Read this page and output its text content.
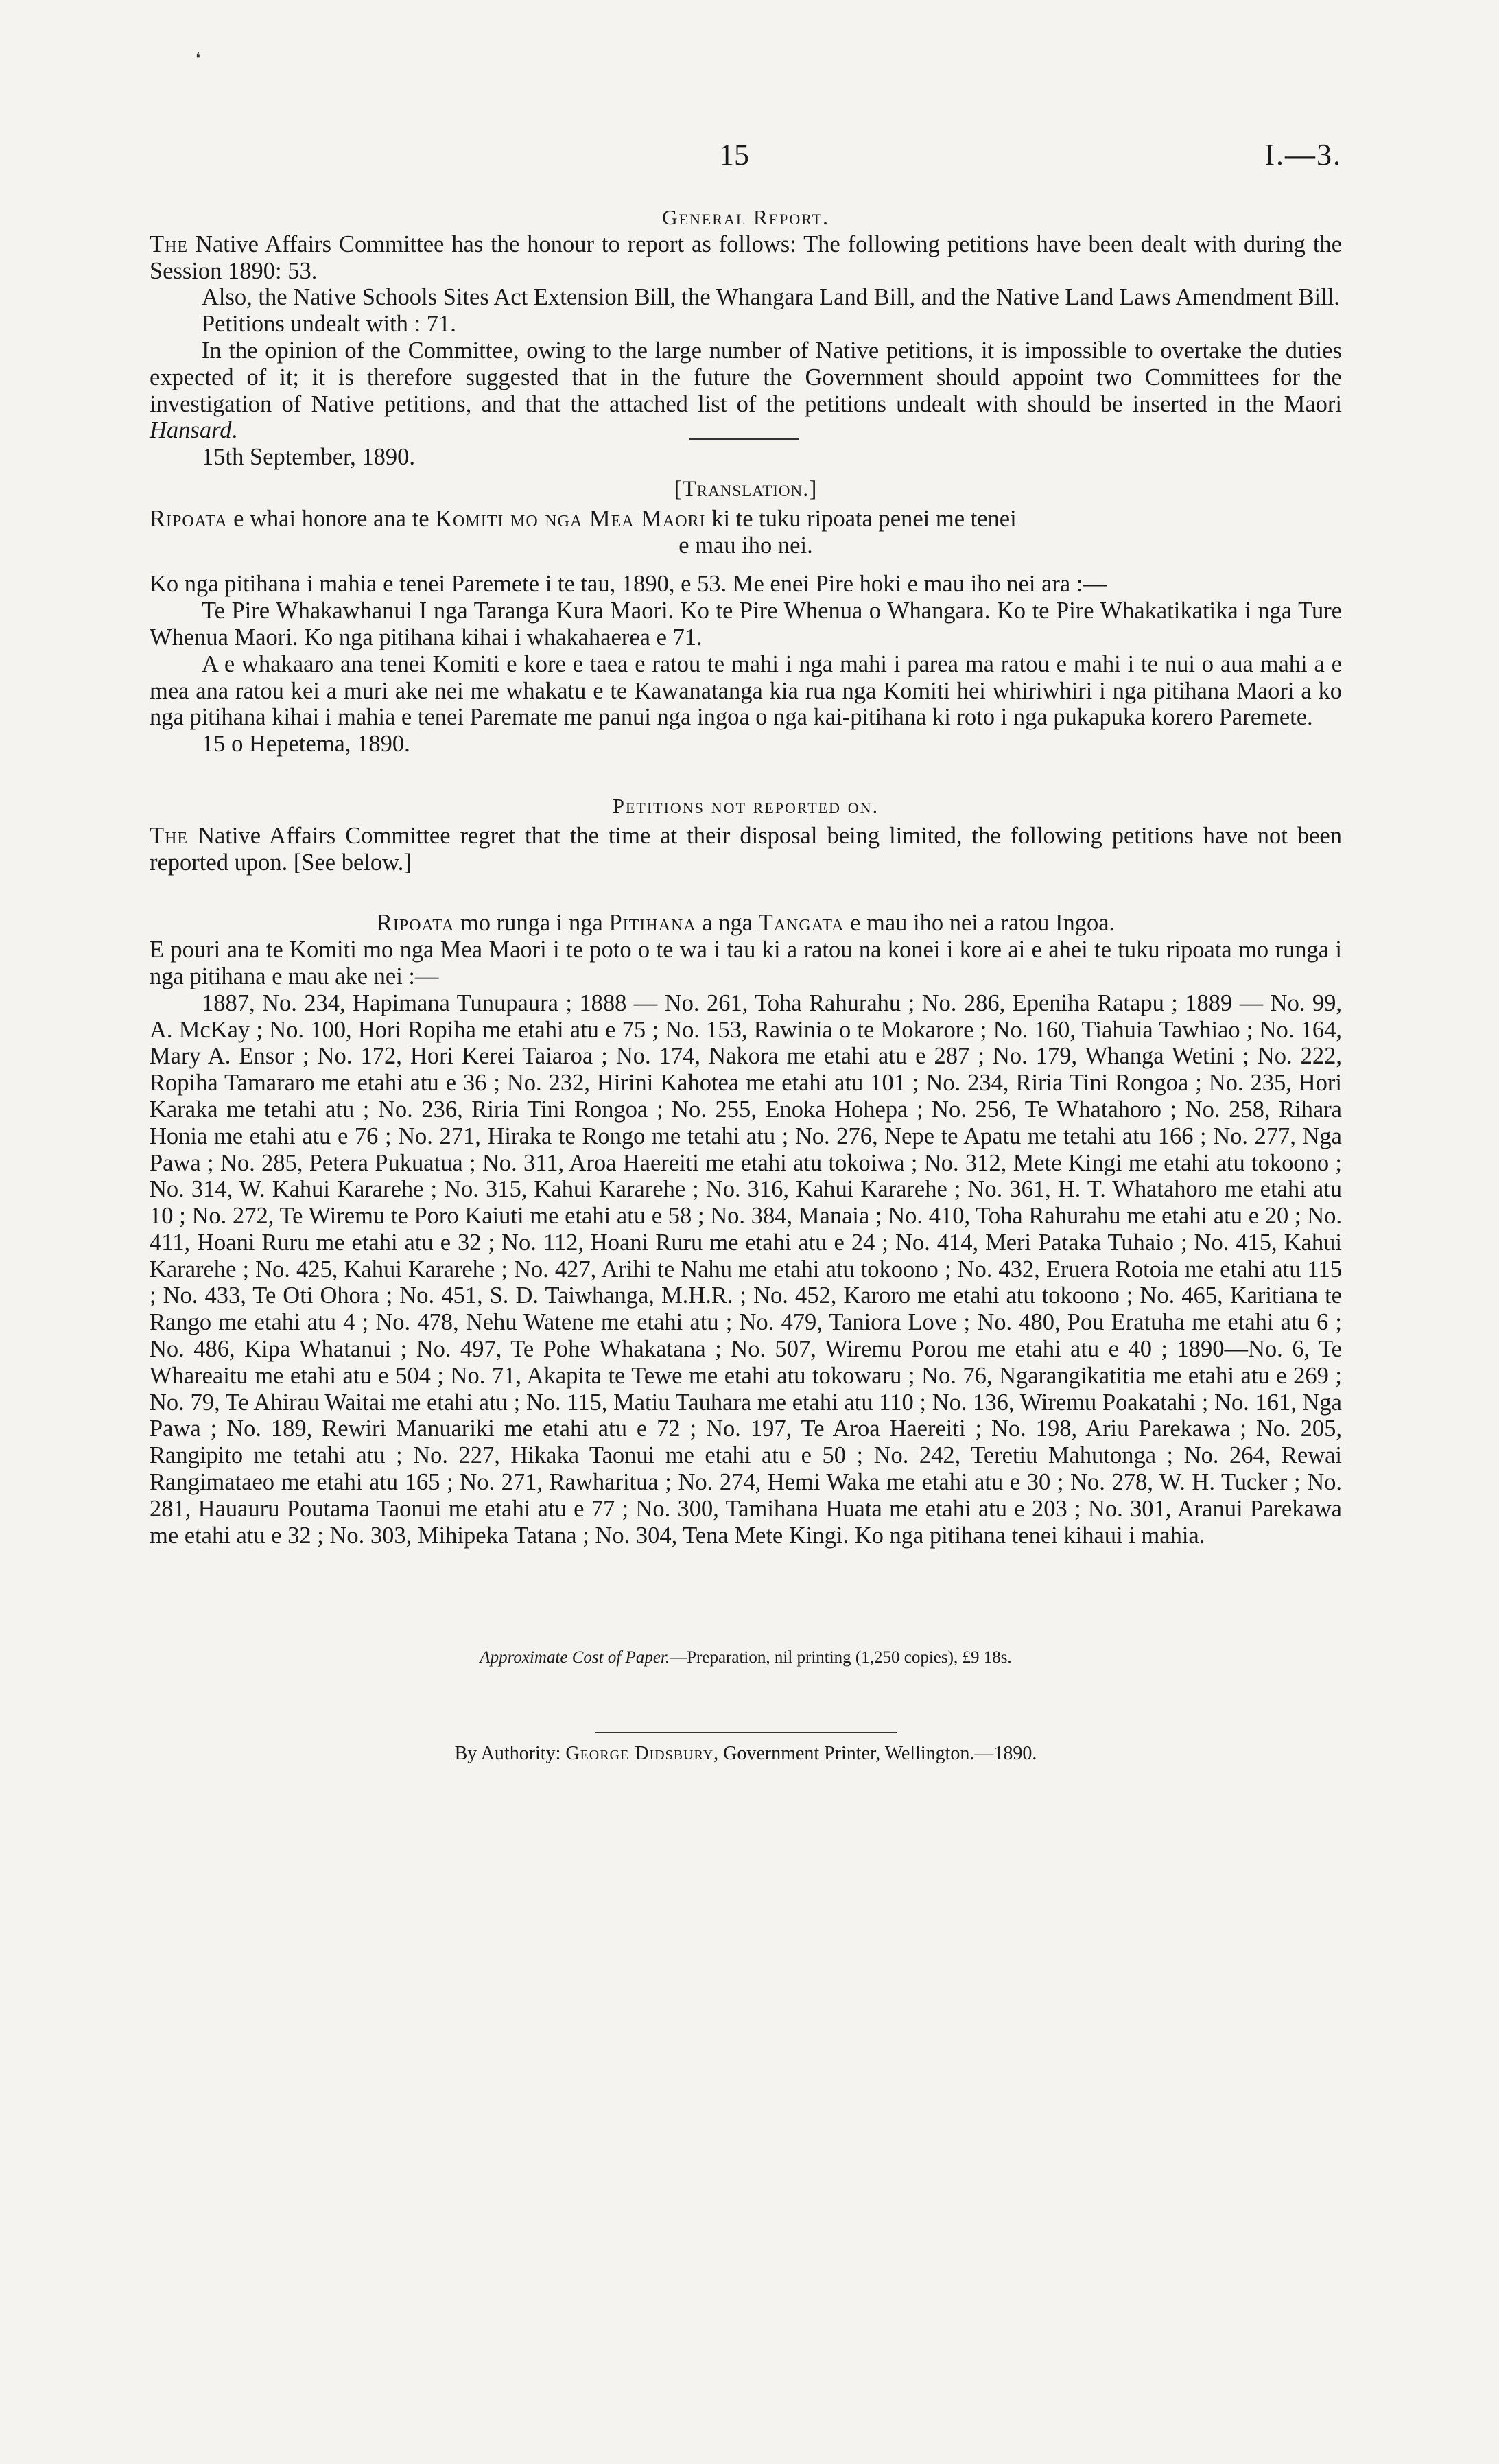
❛
15	I.—3.
General Report.

The Native Affairs Committee has the honour to report as follows: The following petitions have been dealt with during the Session 1890: 53.

Also, the Native Schools Sites Act Extension Bill, the Whangara Land Bill, and the Native Land Laws Amendment Bill.

Petitions undealt with : 71.

In the opinion of the Committee, owing to the large number of Native petitions, it is impossible to overtake the duties expected of it; it is therefore suggested that in the future the Government should appoint two Committees for the investigation of Native petitions, and that the attached list of the petitions undealt with should be inserted in the Maori Hansard.

15th September, 1890.

[Translation.]

Ripoata e whai honore ana te Komiti mo nga Mea Maori ki te tuku ripoata penei me tenei

e mau iho nei.

Ko nga pitihana i mahia e tenei Paremete i te tau, 1890, e 53. Me enei Pire hoki e mau iho nei ara :—

Te Pire Whakawhanui I nga Taranga Kura Maori. Ko te Pire Whenua o Whangara. Ko te Pire Whakatikatika i nga Ture Whenua Maori. Ko nga pitihana kihai i whakahaerea e 71.

A e whakaaro ana tenei Komiti e kore e taea e ratou te mahi i nga mahi i parea ma ratou e mahi i te nui o aua mahi a e mea ana ratou kei a muri ake nei me whakatu e te Kawanatanga kia rua nga Komiti hei whiriwhiri i nga pitihana Maori a ko nga pitihana kihai i mahia e tenei Paremate me panui nga ingoa o nga kai-pitihana ki roto i nga pukapuka korero Paremete.

15 o Hepetema, 1890.

Petitions not reported on.

The Native Affairs Committee regret that the time at their disposal being limited, the following petitions have not been reported upon. [See below.]

Ripoata mo runga i nga Pitihana a nga Tangata e mau iho nei a ratou Ingoa.

E pouri ana te Komiti mo nga Mea Maori i te poto o te wa i tau ki a ratou na konei i kore ai e ahei te tuku ripoata mo runga i nga pitihana e mau ake nei :—

1887, No. 234, Hapimana Tunupaura ; 1888 — No. 261, Toha Rahurahu ; No. 286, Epeniha Ratapu ; 1889 — No. 99, A. McKay ; No. 100, Hori Ropiha me etahi atu e 75 ; No. 153, Rawinia o te Mokarore ; No. 160, Tiahuia Tawhiao ; No. 164, Mary A. Ensor ; No. 172, Hori Kerei Taiaroa ; No. 174, Nakora me etahi atu e 287 ; No. 179, Whanga Wetini ; No. 222, Ropiha Tamararo me etahi atu e 36 ; No. 232, Hirini Kahotea me etahi atu 101 ; No. 234, Riria Tini Rongoa ; No. 235, Hori Karaka me tetahi atu ; No. 236, Riria Tini Rongoa ; No. 255, Enoka Hohepa ; No. 256, Te Whatahoro ; No. 258, Rihara Honia me etahi atu e 76 ; No. 271, Hiraka te Rongo me tetahi atu ; No. 276, Nepe te Apatu me tetahi atu 166 ; No. 277, Nga Pawa ; No. 285, Petera Pukuatua ; No. 311, Aroa Haereiti me etahi atu tokoiwa ; No. 312, Mete Kingi me etahi atu tokoono ; No. 314, W. Kahui Kararehe ; No. 315, Kahui Kararehe ; No. 316, Kahui Kararehe ; No. 361, H. T. Whatahoro me etahi atu 10 ; No. 272, Te Wiremu te Poro Kaiuti me etahi atu e 58 ; No. 384, Manaia ; No. 410, Toha Rahurahu me etahi atu e 20 ; No. 411, Hoani Ruru me etahi atu e 32 ; No. 112, Hoani Ruru me etahi atu e 24 ; No. 414, Meri Pataka Tuhaio ; No. 415, Kahui Kararehe ; No. 425, Kahui Kararehe ; No. 427, Arihi te Nahu me etahi atu tokoono ; No. 432, Eruera Rotoia me etahi atu 115 ; No. 433, Te Oti Ohora ; No. 451, S. D. Taiwhanga, M.H.R. ; No. 452, Karoro me etahi atu tokoono ; No. 465, Karitiana te Rango me etahi atu 4 ; No. 478, Nehu Watene me etahi atu ; No. 479, Taniora Love ; No. 480, Pou Eratuha me etahi atu 6 ; No. 486, Kipa Whatanui ; No. 497, Te Pohe Whakatana ; No. 507, Wiremu Porou me etahi atu e 40 ; 1890—No. 6, Te Whareaitu me etahi atu e 504 ; No. 71, Akapita te Tewe me etahi atu tokowaru ; No. 76, Ngarangikatitia me etahi atu e 269 ; No. 79, Te Ahirau Waitai me etahi atu ; No. 115, Matiu Tauhara me etahi atu 110 ; No. 136, Wiremu Poakatahi ; No. 161, Nga Pawa ; No. 189, Rewiri Manuariki me etahi atu e 72 ; No. 197, Te Aroa Haereiti ; No. 198, Ariu Parekawa ; No. 205, Rangipito me tetahi atu ; No. 227, Hikaka Taonui me etahi atu e 50 ; No. 242, Teretiu Mahutonga ; No. 264, Rewai Rangimataeo me etahi atu 165 ; No. 271, Rawharitua ; No. 274, Hemi Waka me etahi atu e 30 ; No. 278, W. H. Tucker ; No. 281, Hauauru Poutama Taonui me etahi atu e 77 ; No. 300, Tamihana Huata me etahi atu e 203 ; No. 301, Aranui Parekawa me etahi atu e 32 ; No. 303, Mihipeka Tatana ; No. 304, Tena Mete Kingi. Ko nga pitihana tenei kihaui i mahia.

Approximate Cost of Paper.—Preparation, nil printing (1,250 copies), £9 18s.
By Authority: George Didsbury, Government Printer, Wellington.—1890.
